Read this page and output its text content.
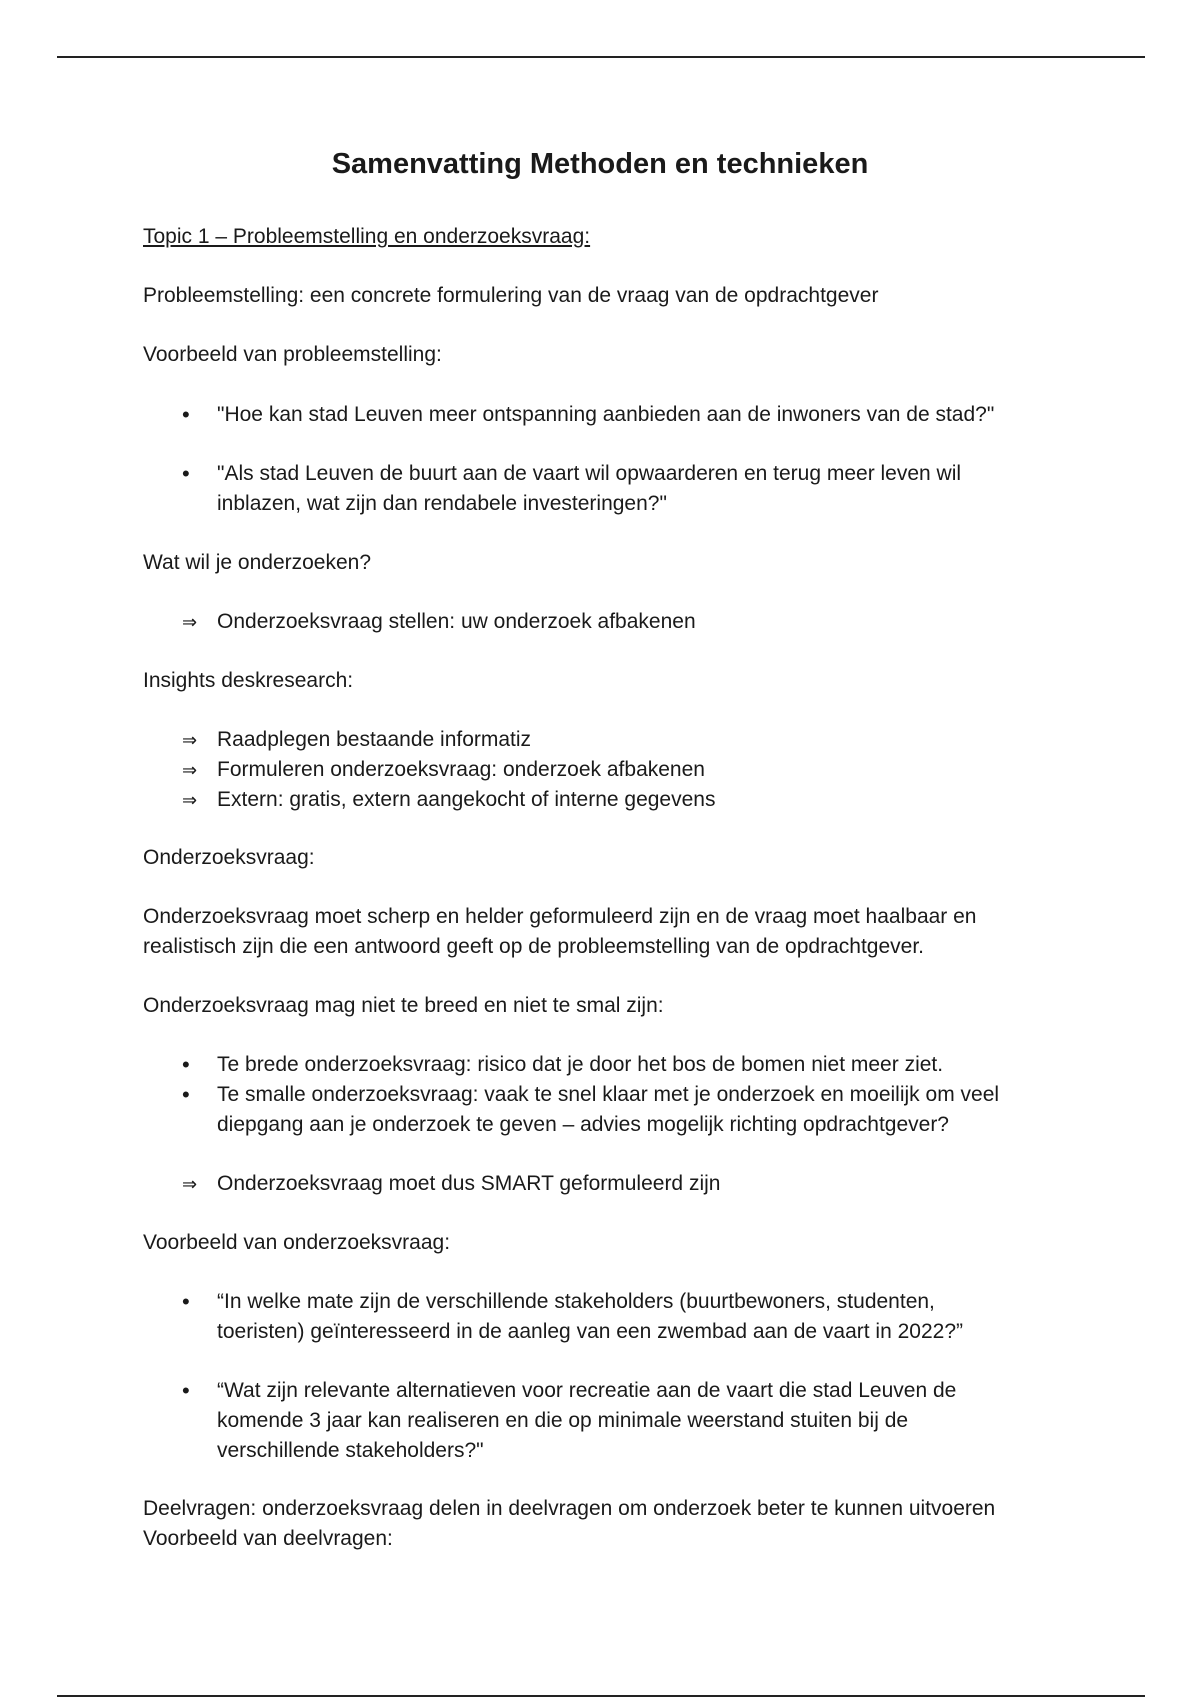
Samenvatting Methoden en technieken
Topic 1 – Probleemstelling en onderzoeksvraag:
Probleemstelling: een concrete formulering van de vraag van de opdrachtgever
Voorbeeld van probleemstelling:
•	"Hoe kan stad Leuven meer ontspanning aanbieden aan de inwoners van de stad?"
•	"Als stad Leuven de buurt aan de vaart wil opwaarderen en terug meer leven wil
inblazen, wat zijn dan rendabele investeringen?"
Wat wil je onderzoeken?
⇒ Onderzoeksvraag stellen: uw onderzoek afbakenen
Insights deskresearch:
⇒ Raadplegen bestaande informatiz
⇒ Formuleren onderzoeksvraag: onderzoek afbakenen
⇒ Extern: gratis, extern aangekocht of interne gegevens
Onderzoeksvraag:
Onderzoeksvraag moet scherp en helder geformuleerd zijn en de vraag moet haalbaar en
realistisch zijn die een antwoord geeft op de probleemstelling van de opdrachtgever.
Onderzoeksvraag mag niet te breed en niet te smal zijn:
•	Te brede onderzoeksvraag: risico dat je door het bos de bomen niet meer ziet.
•	Te smalle onderzoeksvraag: vaak te snel klaar met je onderzoek en moeilijk om veel
diepgang aan je onderzoek te geven – advies mogelijk richting opdrachtgever?
⇒ Onderzoeksvraag moet dus SMART geformuleerd zijn
Voorbeeld van onderzoeksvraag:
•	“In welke mate zijn de verschillende stakeholders (buurtbewoners, studenten,
toeristen) geïnteresseerd in de aanleg van een zwembad aan de vaart in 2022?”
•	“Wat zijn relevante alternatieven voor recreatie aan de vaart die stad Leuven de
komende 3 jaar kan realiseren en die op minimale weerstand stuiten bij de
verschillende stakeholders?"
Deelvragen: onderzoeksvraag delen in deelvragen om onderzoek beter te kunnen uitvoeren
Voorbeeld van deelvragen:
